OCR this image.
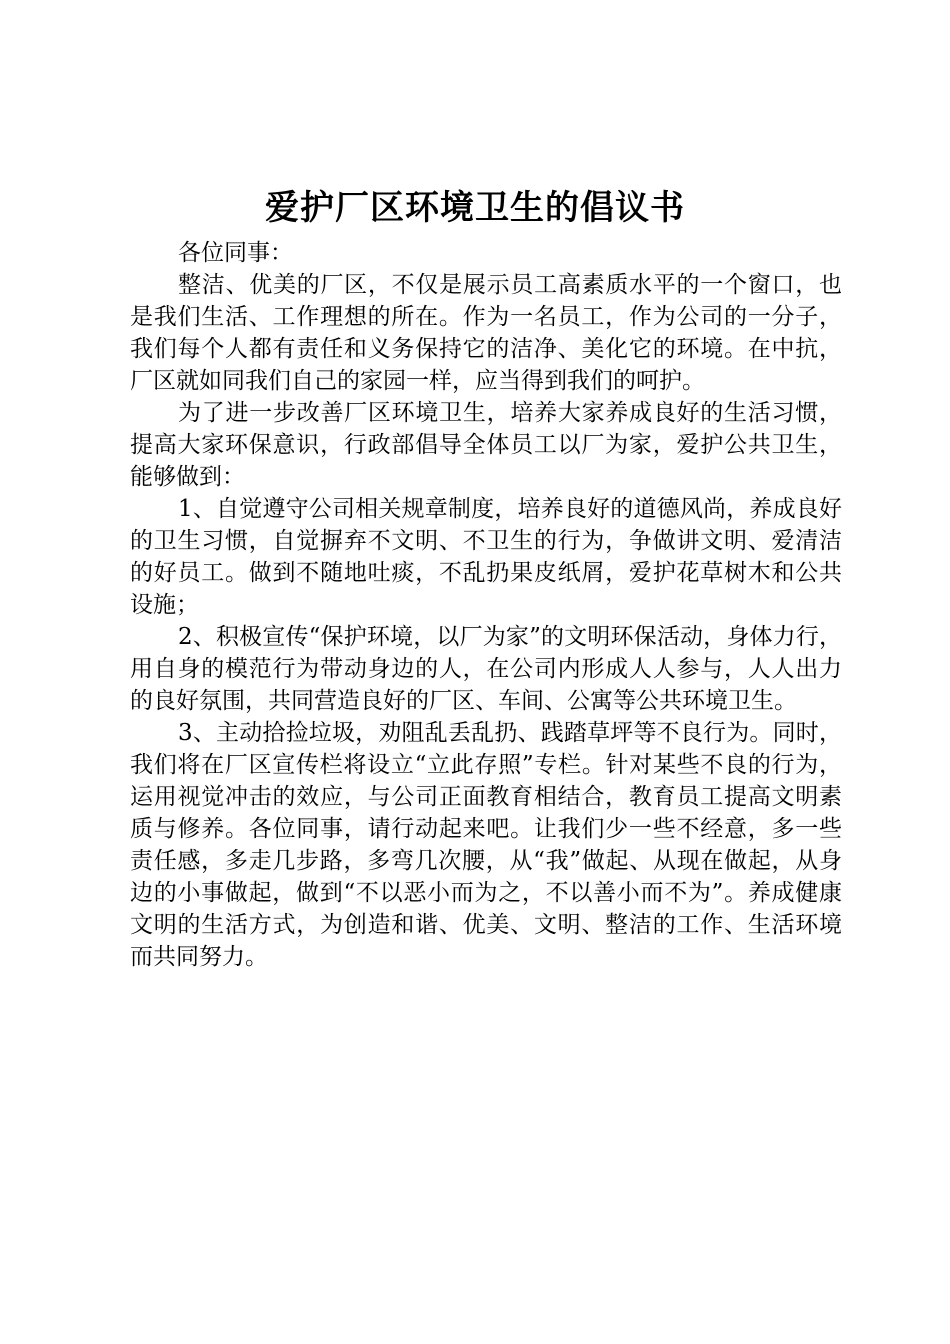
爱护厂区环境卫生的倡议书

各位同事：

整洁、优美的厂区，不仅是展示员工高素质水平的一个窗口，也是我们生活、工作理想的所在。作为一名员工，作为公司的一分子，我们每个人都有责任和义务保持它的洁净、美化它的环境。在中抗，厂区就如同我们自己的家园一样，应当得到我们的呵护。

为了进一步改善厂区环境卫生，培养大家养成良好的生活习惯，提高大家环保意识，行政部倡导全体员工以厂为家，爱护公共卫生，能够做到：

1、自觉遵守公司相关规章制度，培养良好的道德风尚，养成良好的卫生习惯，自觉摒弃不文明、不卫生的行为，争做讲文明、爱清洁的好员工。做到不随地吐痰，不乱扔果皮纸屑，爱护花草树木和公共设施；

2、积极宣传“保护环境，以厂为家”的文明环保活动，身体力行，用自身的模范行为带动身边的人，在公司内形成人人参与，人人出力的良好氛围，共同营造良好的厂区、车间、公寓等公共环境卫生。

3、主动拾捡垃圾，劝阻乱丢乱扔、践踏草坪等不良行为。同时，我们将在厂区宣传栏将设立“立此存照”专栏。针对某些不良的行为，运用视觉冲击的效应，与公司正面教育相结合，教育员工提高文明素质与修养。各位同事，请行动起来吧。让我们少一些不经意，多一些责任感，多走几步路，多弯几次腰，从“我”做起、从现在做起，从身边的小事做起，做到“不以恶小而为之，不以善小而不为”。养成健康文明的生活方式，为创造和谐、优美、文明、整洁的工作、生活环境而共同努力。
